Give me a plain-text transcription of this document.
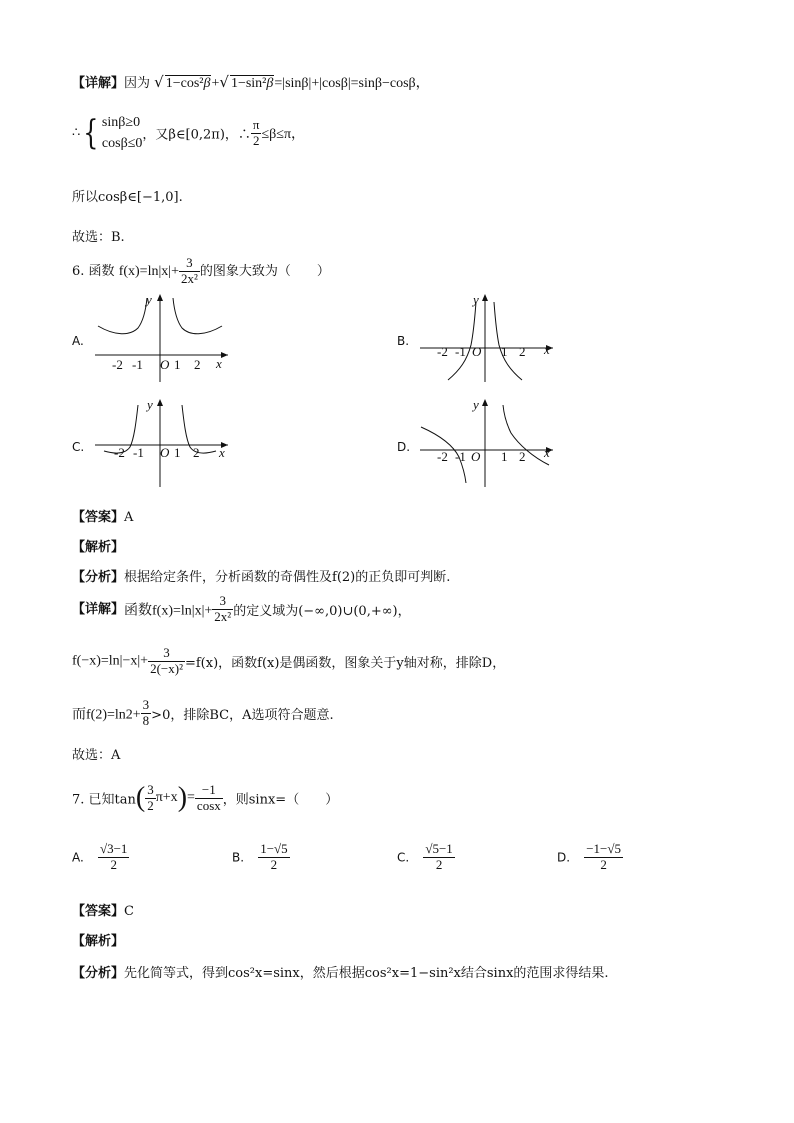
【详解】因为 √ 1−cos²β+√ 1−sin²β=|sinβ|+|cosβ|=sinβ−cosβ，
∴{ sinβ≥0
cosβ≤0
，又β∈[0,2π)，∴ $\frac{\pi}{2} \le\beta\le\pi$，
所以cosβ∈[−1,0].
故选：B.
6. 函数 $f(x)=\ln|x|+ \frac{3}{\text{2x²}}$ 的图象大致为（　　）
A.	B.
C.	D.
y
x
-2 -1 O 1 2
y
x
-2 -1 O 1 2
y
x
-2 -1 O 1 2
y
x
-2 -1 O 1 2
【答案】A
【解析】
【分析】根据给定条件，分析函数的奇偶性及f(2)的正负即可判断.
【详解】函数$f(x)=\ln|x|+ \frac{3}{\text{2x²}}$ 的定义域为(−∞,0)∪(0,+∞)，
$f(-x)=\ln|-x|+ \frac{3}{\text{2(−x)²}} =f(x)$，函数f(x)是偶函数，图象关于y轴对称，排除D，
而$f(2)=\ln 2+ \frac{3}{8} >0$，排除BC，A选项符合题意.
故选：A
7. 已知$\tan( \frac{3}{2} \pi+x)= \frac{-1}{\cos x}$ ，则sinx=（　　）
A. $\frac{√3-1}{2}$	B. $\frac{1-√5}{2}$	C. $\frac{√5-1}{2}$	D. $\frac{-1-√5}{2}$
【答案】C
【解析】
【分析】先化简等式，得到cos²x=sinx，然后根据cos²x=1−sin²x结合sinx的范围求得结果.
